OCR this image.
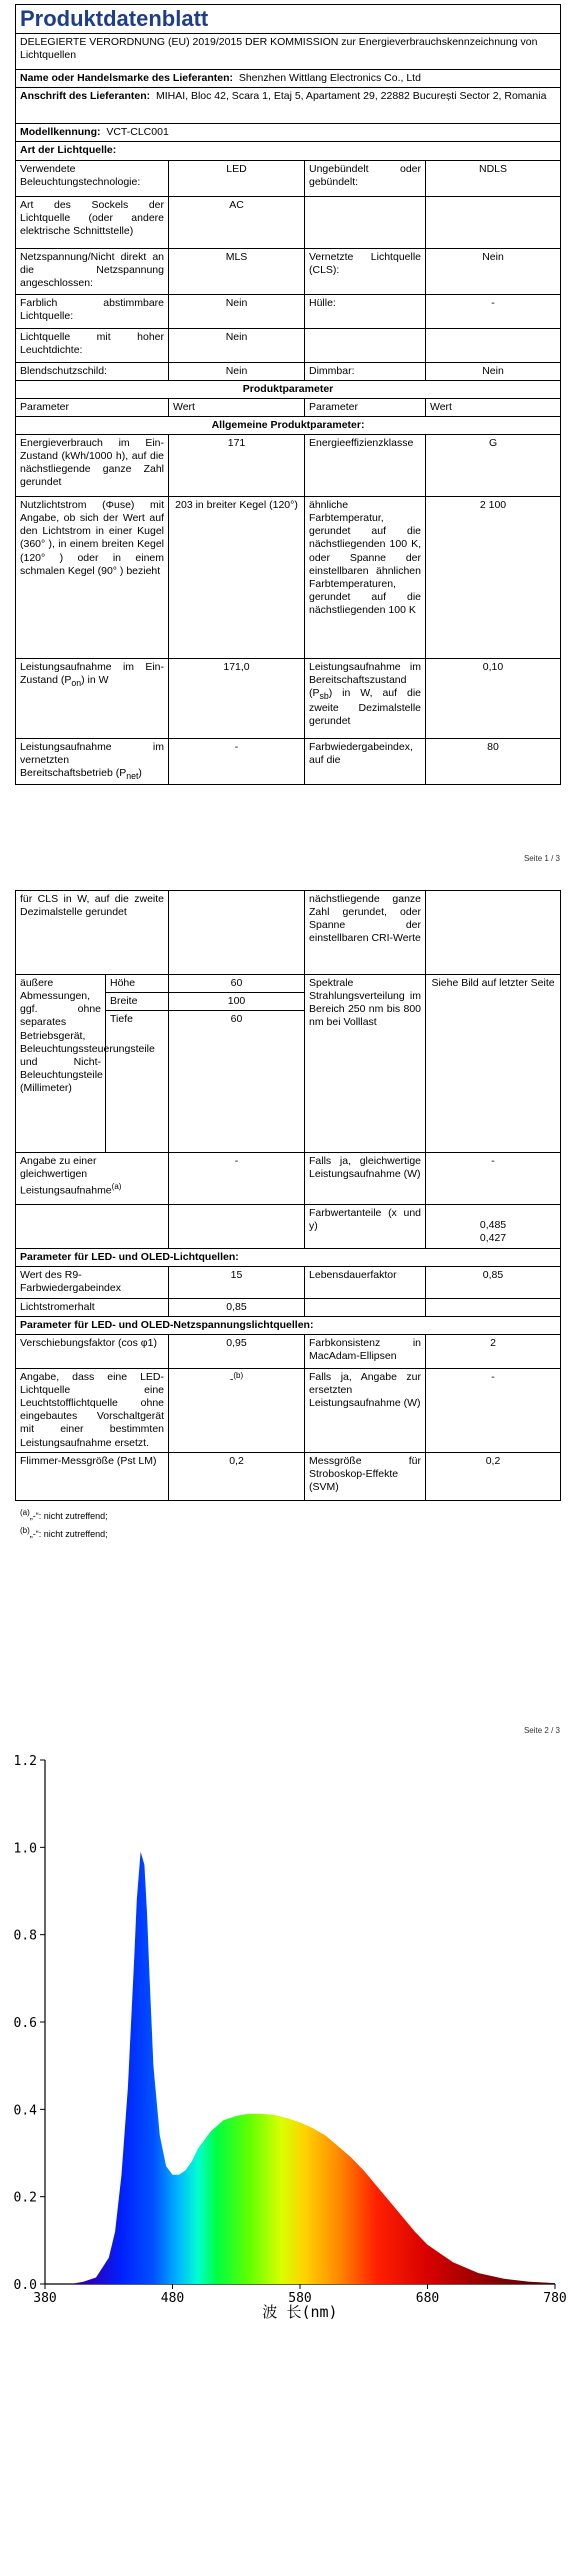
Produktdatenblatt			
DELEGIERTE VERORDNUNG (EU) 2019/2015 DER KOMMISSION zur Energieverbrauchskennzeichnung von Lichtquellen			
Name oder Handelsmarke des Lieferanten: Shenzhen Wittlang Electronics Co., Ltd			
Anschrift des Lieferanten: MIHAI, Bloc 42, Scara 1, Etaj 5, Apartament 29, 22882 București Sector 2, Romania			
Modellkennung: VCT-CLC001			
Art der Lichtquelle:			
Verwendete Beleuchtungstechnologie:	LED	Ungebündelt oder gebündelt:	NDLS
Art des Sockels der Lichtquelle (oder andere elektrische Schnittstelle)	AC		
Netzspannung/Nicht direkt an die Netzspannung angeschlossen:	MLS	Vernetzte Lichtquelle (CLS):	Nein
Farblich abstimmbare Lichtquelle:	Nein	Hülle:	-
Lichtquelle mit hoher Leuchtdichte:	Nein		
Blendschutzschild:	Nein	Dimmbar:	Nein
Produktparameter			
Parameter	Wert	Parameter	Wert
Allgemeine Produktparameter:			
Energieverbrauch im Ein-Zustand (kWh/1000 h), auf die nächstliegende ganze Zahl gerundet	171	Energieeffizienzklasse	G
Nutzlichtstrom (Φuse) mit Angabe, ob sich der Wert auf den Lichtstrom in einer Kugel (360° ), in einem breiten Kegel (120° ) oder in einem schmalen Kegel (90° ) bezieht	203 in breiter Kegel (120°)	ähnliche Farbtemperatur, gerundet auf die nächstliegenden 100 K, oder Spanne der einstellbaren ähnlichen Farbtemperaturen, gerundet auf die nächstliegenden 100 K	2 100
Leistungsaufnahme im Ein-Zustand $(P_{on})$ in W	171,0	Leistungsaufnahme im Bereitschaftszustand $(P_{sb})$ in W, auf die zweite Dezimalstelle gerundet	0,10
Leistungsaufnahme im vernetzten Bereitschaftsbetrieb $(P_{net})$	-	Farbwiedergabeindex, auf die	80
Seite 1 / 3
für CLS in W, auf die zweite Dezimalstelle gerundet			nächstliegende ganze Zahl gerundet, oder Spanne der einstellbaren CRI-Werte	
äußere Abmessungen, ggf. ohne separates Betriebsgerät, Beleuchtungssteuerungsteile und Nicht-Beleuchtungsteile (Millimeter)	Höhe	60	Spektrale Strahlungsverteilung im Bereich 250 nm bis 800 nm bei Volllast	Siehe Bild auf letzter Seite
	Breite	100		
	Tiefe	60		
Angabe zu einer gleichwertigen Leistungsaufnahme$^{(a)}$		-	Falls ja, gleichwertige Leistungsaufnahme (W)	-
			Farbwertanteile (x und y)	0,485
0,427

Parameter für LED- und OLED-Lichtquellen:				
Wert des R9-Farbwiedergabeindex		15	Lebensdauerfaktor	0,85
Lichtstromerhalt		0,85		
Parameter für LED- und OLED-Netzspannungslichtquellen:				
Verschiebungsfaktor (cos φ1)		0,95	Farbkonsistenz in MacAdam-Ellipsen	2
Angabe, dass eine LED-Lichtquelle eine Leuchtstofflichtquelle ohne eingebautes Vorschaltgerät mit einer bestimmten Leistungsaufnahme ersetzt.		-$^{(b)}$	Falls ja, Angabe zur ersetzten Leistungsaufnahme (W)	-
Flimmer-Messgröße (Pst LM)		0,2	Messgröße für Stroboskop-Effekte (SVM)	0,2
(a)„-“: nicht zutreffend;
(b)„-“: nicht zutreffend;
Seite 2 / 3
0.0
0.2
0.4
0.6
0.8
1.0
1.2
380	480	580	680	780
波 长(nm)
